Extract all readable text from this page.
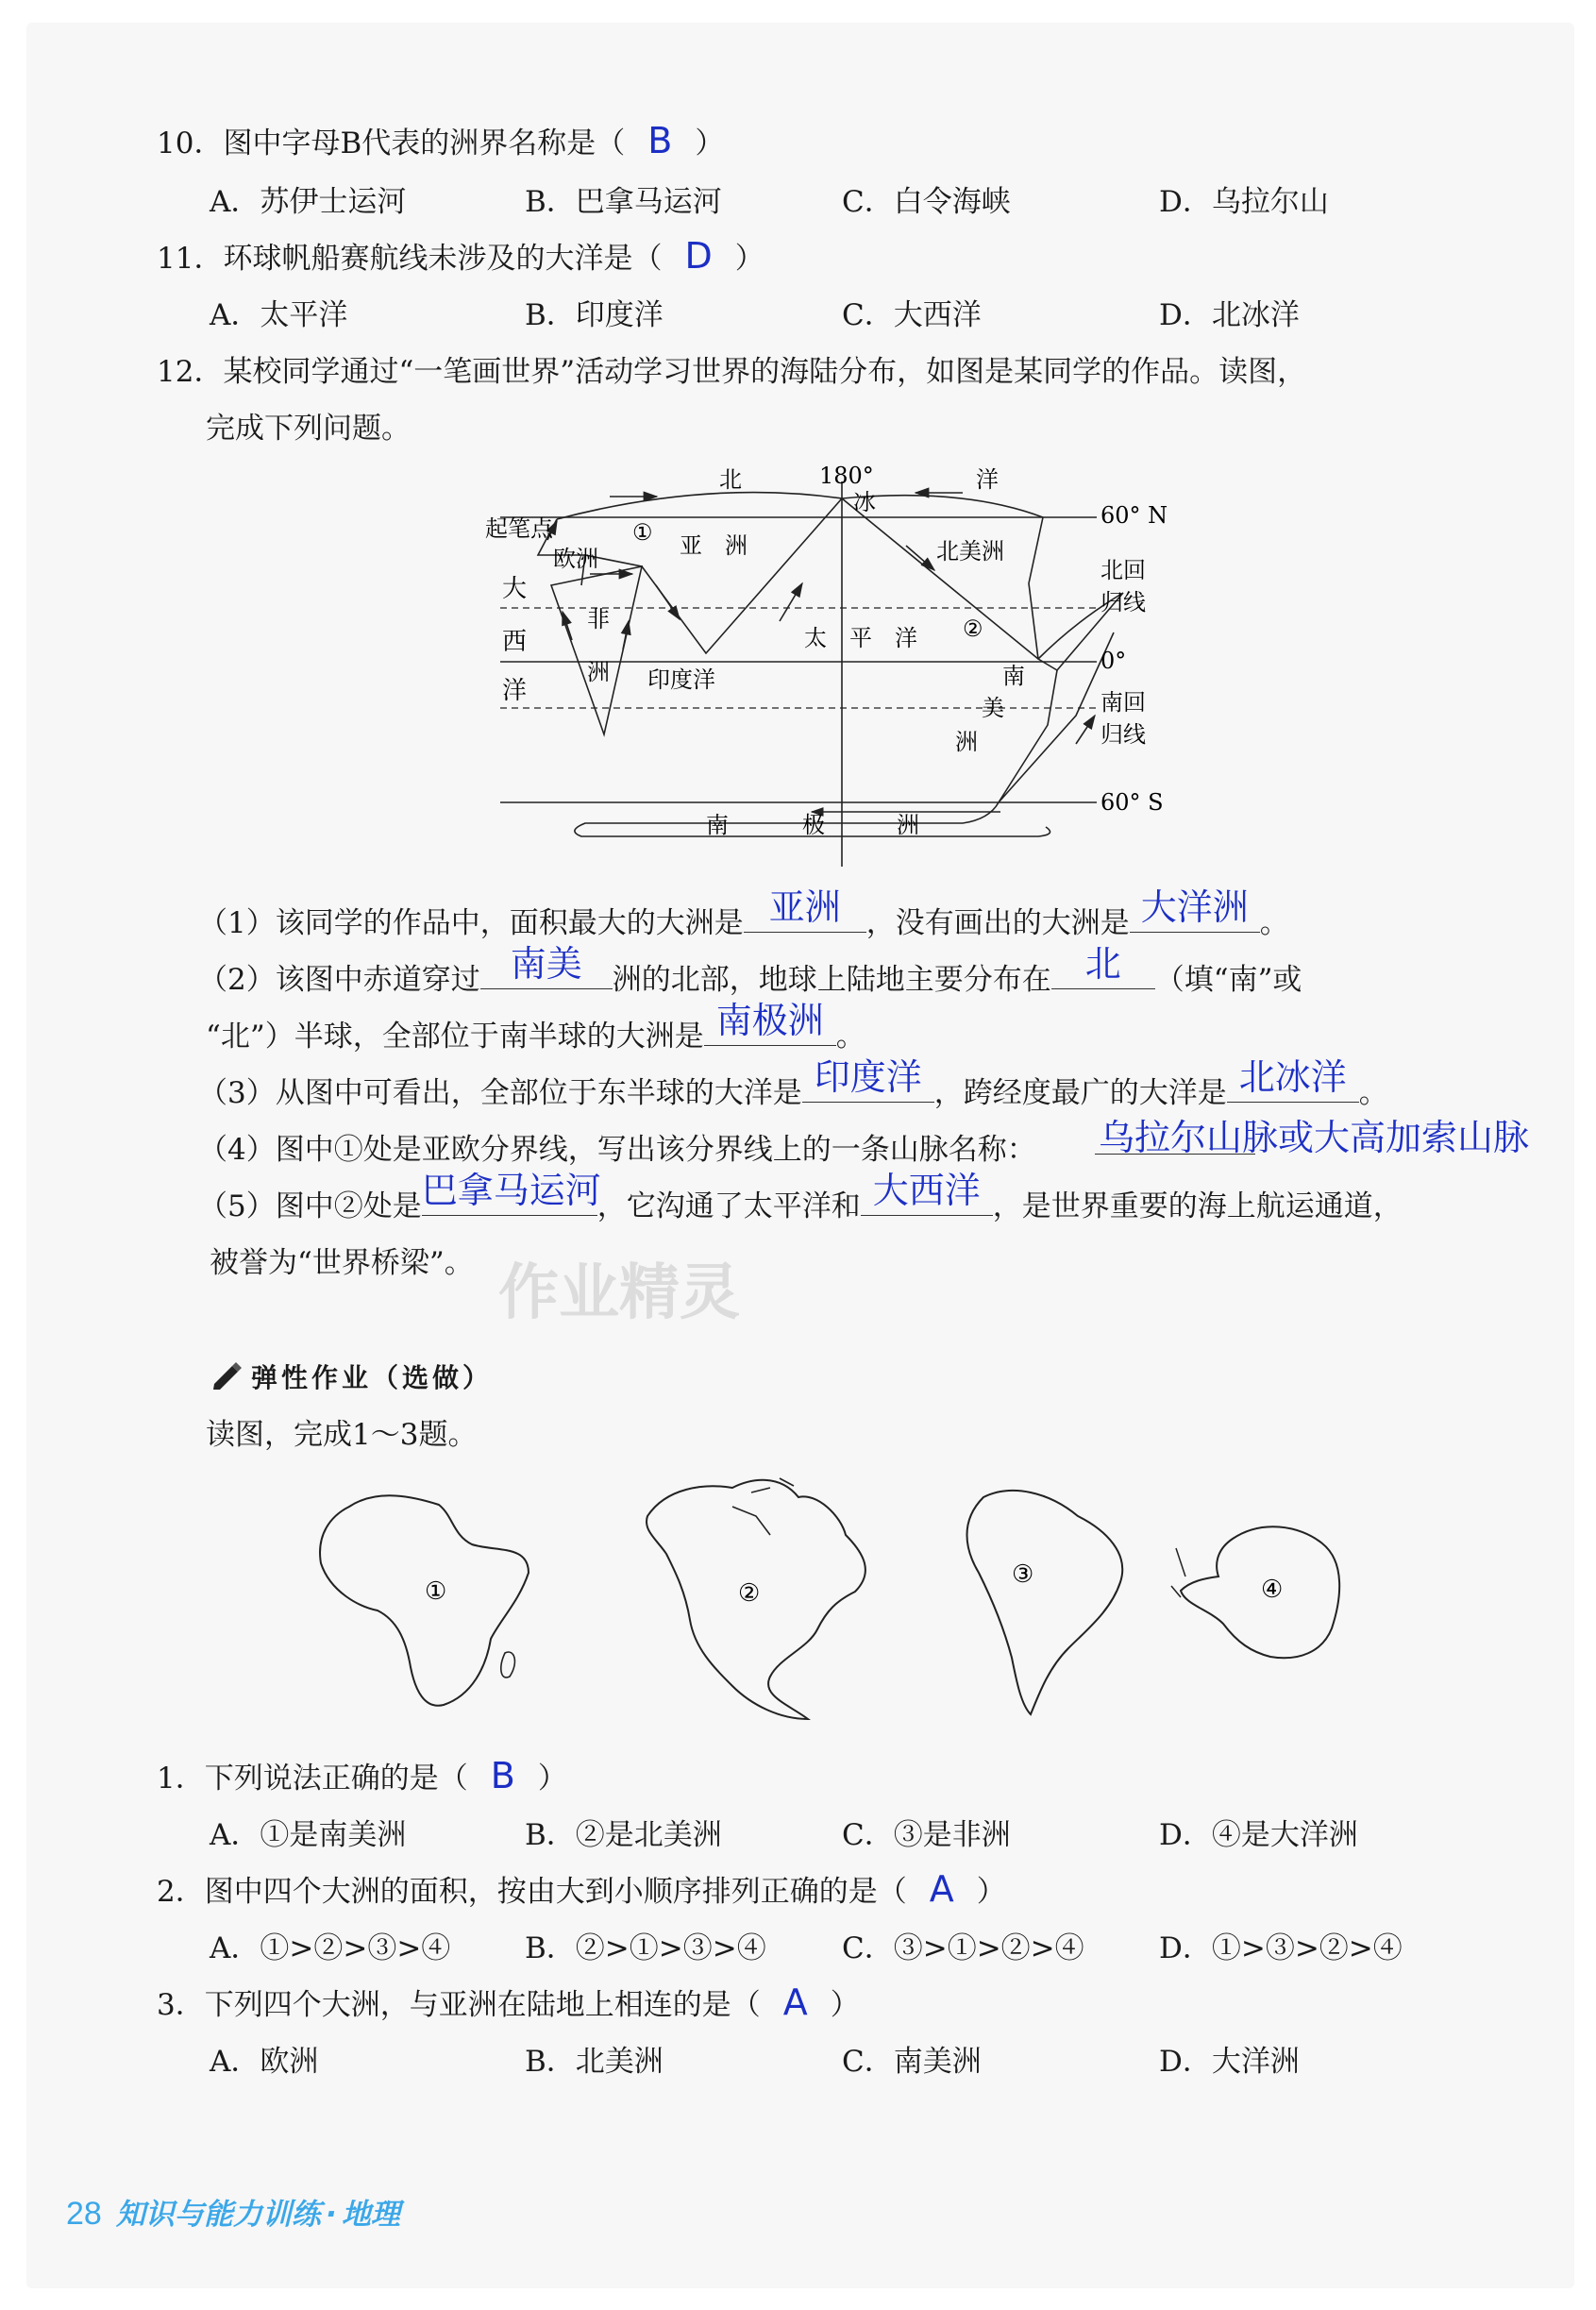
10．图中字母B代表的洲界名称是（ B ）
A．苏伊士运河	B．巴拿马运河	C．白令海峡	D．乌拉尔山
11．环球帆船赛航线未涉及的大洋是（ D ）
A．太平洋	B．印度洋	C．大西洋	D．北冰洋
12．某校同学通过“一笔画世界”活动学习世界的海陆分布，如图是某同学的作品。读图，
完成下列问题。
北	180°
冰
洋
60° N
起笔点	① 亚　洲
欧洲	北美洲
北回
归线
大
西
洋
非
洲 印度洋
太　平　洋 ②
0°
南
美
洲
南回
归线
60° S
南	极	洲
（1）该同学的作品中，面积最大的大洲是 亚洲 ，没有画出的大洲是 大洋洲 。
（2）该图中赤道穿过 南美	洲的北部，地球上陆地主要分布在 北	（填“南”或
“北”）半球，全部位于南半球的大洲是 南极洲 。
（3）从图中可看出，全部位于东半球的大洋是 印度洋 ，跨经度最广的大洋是 北冰洋 。
（4）图中①处是亚欧分界线，写出该分界线上的一条山脉名称： 乌拉尔山脉或大高加索山脉
（5）图中②处是 巴拿马运河
，它沟通了太平洋和 大西洋 ，是世界重要的海上航运通道，
被誉为“世界桥梁”。 作业精灵
弹性作业（选做）
读图，完成1～3题。
①	②
③
④
1．下列说法正确的是（ B ）
A．①是南美洲	B．②是北美洲	C．③是非洲	D．④是大洋洲
2．图中四个大洲的面积，按由大到小顺序排列正确的是（ A ）
A．①>②>③>④	B．②>①>③>④	C．③>①>②>④	D．①>③>②>④
3．下列四个大洲，与亚洲在陆地上相连的是（ A ）
A．欧洲	B．北美洲	C．南美洲	D．大洋洲
28 知识与能力训练 · 地理
